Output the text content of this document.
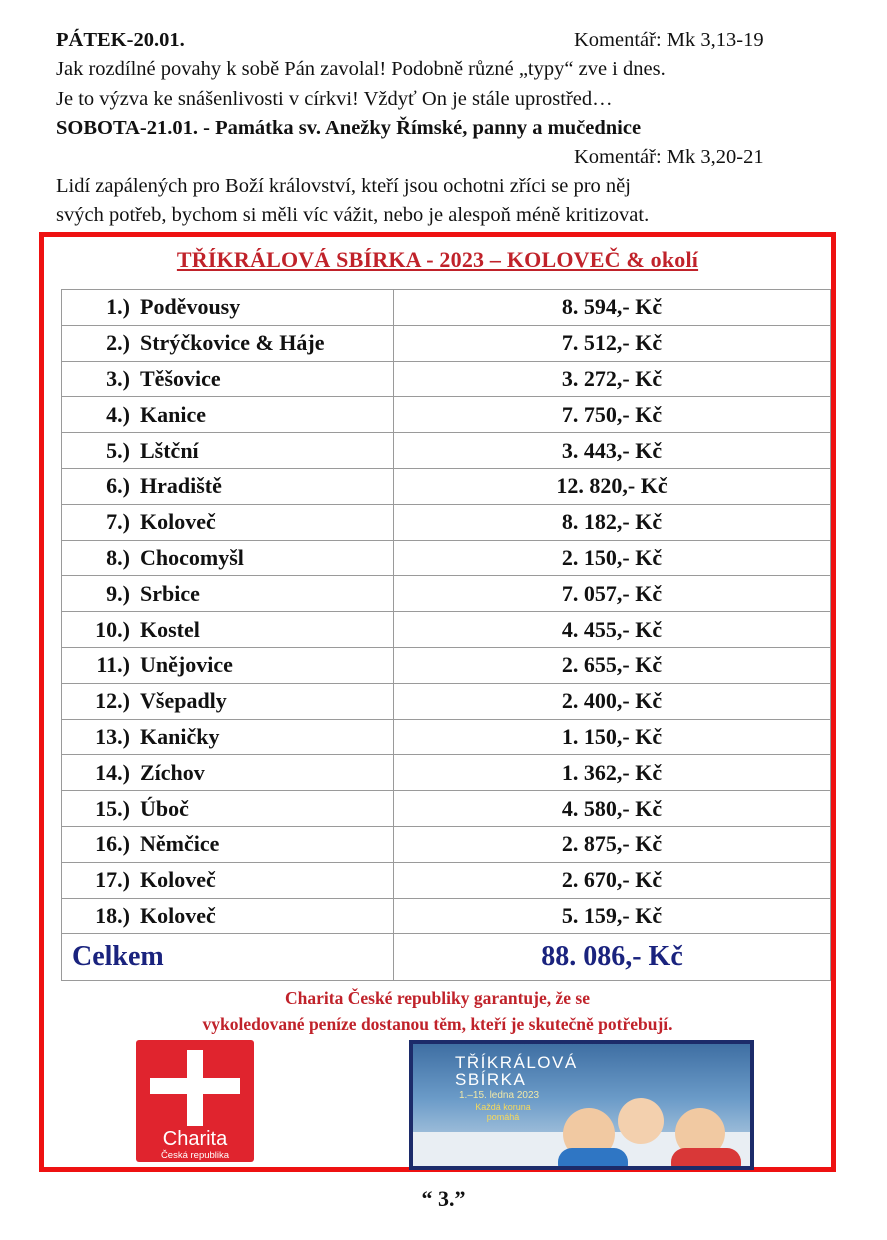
PÁTEK-20.01.	Komentář: Mk 3,13-19
Jak rozdílné povahy k sobě Pán zavolal! Podobně různé „typy“ zve i dnes.
Je to výzva ke snášenlivosti v církvi! Vždyť On je stále uprostřed…
SOBOTA-21.01. - Památka sv. Anežky Římské, panny a mučednice
Komentář: Mk 3,20-21
Lidí zapálených pro Boží království, kteří jsou ochotni zříci se pro něj
svých potřeb, bychom si měli víc vážit, nebo je alespoň méně kritizovat.
TŘÍKRÁLOVÁ SBÍRKA - 2023 – KOLOVEČ & okolí
1.) Poděvousy	8. 594,- Kč
2.) Strýčkovice & Háje	7. 512,- Kč
3.) Těšovice	3. 272,- Kč
4.) Kanice	7. 750,- Kč
5.) Lštční	3. 443,- Kč
6.) Hradiště	12. 820,- Kč
7.) Koloveč	8. 182,- Kč
8.) Chocomyšl	2. 150,- Kč
9.) Srbice	7. 057,- Kč
10.) Kostel	4. 455,- Kč
11.) Unějovice	2. 655,- Kč
12.) Všepadly	2. 400,- Kč
13.) Kaničky	1. 150,- Kč
14.) Zíchov	1. 362,- Kč
15.) Úboč	4. 580,- Kč
16.) Němčice	2. 875,- Kč
17.) Koloveč	2. 670,- Kč
18.) Koloveč	5. 159,- Kč
Celkem	88. 086,- Kč
Charita České republiky garantuje, že se
vykoledované peníze dostanou těm, kteří je skutečně potřebují.
Charita
Česká republika
TŘÍKRÁLOVÁ
SBÍRKA
1.–15. ledna 2023
Každá koruna pomáhá
“ 3.”
